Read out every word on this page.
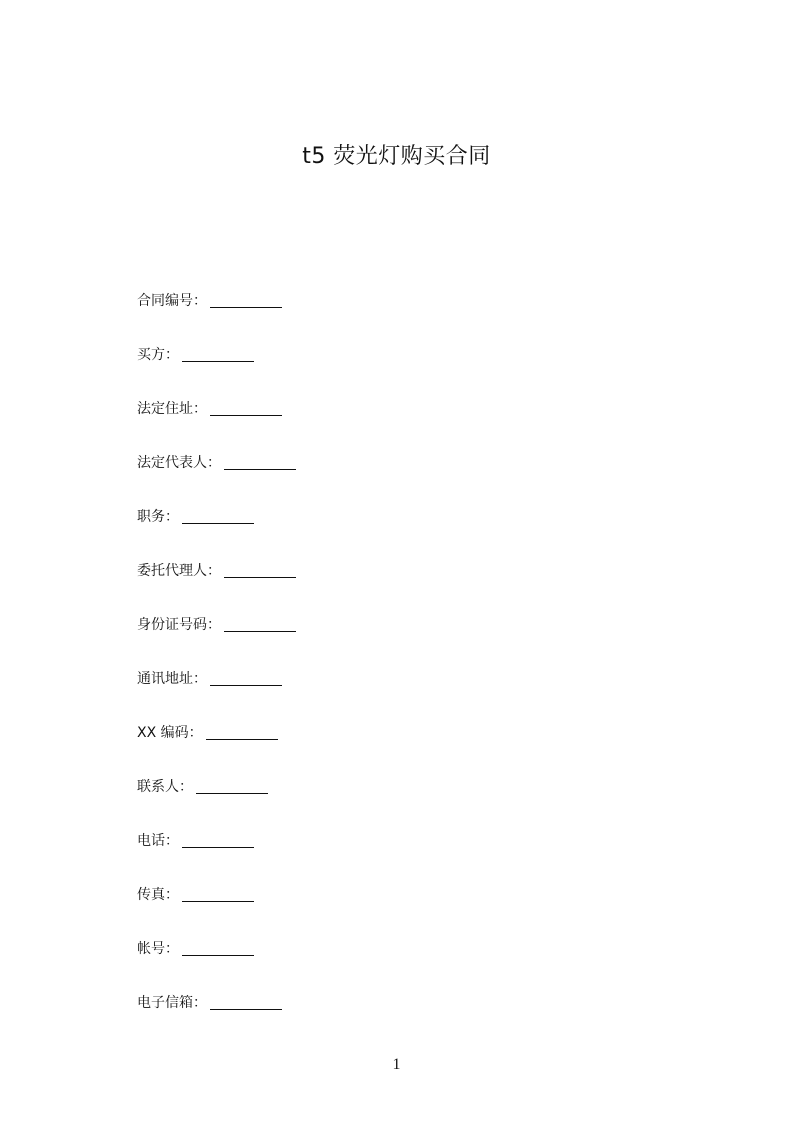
t5 荧光灯购买合同
合同编号：
买方：
法定住址：
法定代表人：
职务：
委托代理人：
身份证号码：
通讯地址：
XX 编码：
联系人：
电话：
传真：
帐号：
电子信箱：
1
